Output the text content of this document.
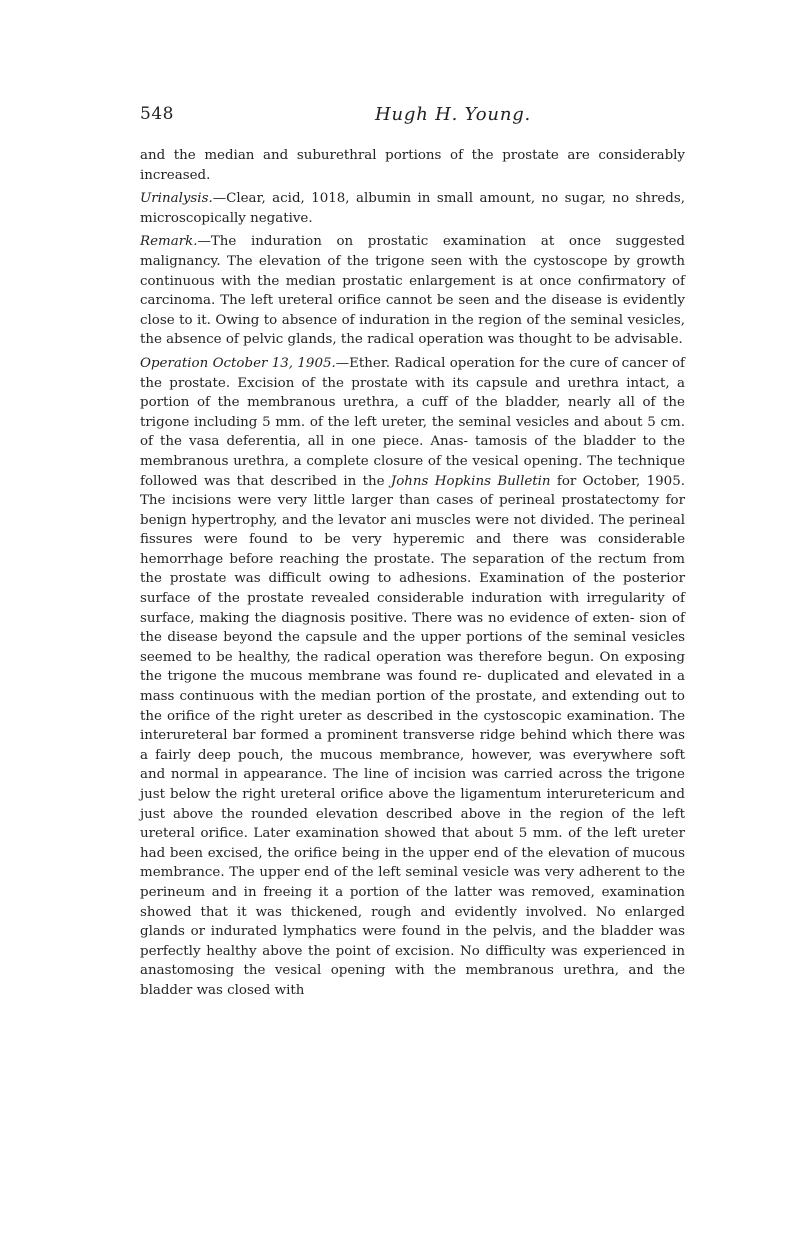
548	Hugh H. Young.

and the median and suburethral portions of the prostate are considerably increased.

Urinalysis.—Clear, acid, 1018, albumin in small amount, no sugar, no shreds, microscopically negative.

Remark.—The induration on prostatic examination at once suggested malignancy. The elevation of the trigone seen with the cystoscope by growth continuous with the median prostatic enlargement is at once confirmatory of carcinoma. The left ureteral orifice cannot be seen and the disease is evidently close to it. Owing to absence of induration in the region of the seminal vesicles, the absence of pelvic glands, the radical operation was thought to be advisable.

Operation October 13, 1905.—Ether. Radical operation for the cure of cancer of the prostate. Excision of the prostate with its capsule and urethra intact, a portion of the membranous urethra, a cuff of the bladder, nearly all of the trigone including 5 mm. of the left ureter, the seminal vesicles and about 5 cm. of the vasa deferentia, all in one piece. Anas- tamosis of the bladder to the membranous urethra, a complete closure of the vesical opening. The technique followed was that described in the Johns Hopkins Bulletin for October, 1905. The incisions were very little larger than cases of perineal prostatectomy for benign hypertrophy, and the levator ani muscles were not divided. The perineal fissures were found to be very hyperemic and there was considerable hemorrhage before reaching the prostate. The separation of the rectum from the prostate was difficult owing to adhesions. Examination of the posterior surface of the prostate revealed considerable induration with irregularity of surface, making the diagnosis positive. There was no evidence of exten- sion of the disease beyond the capsule and the upper portions of the seminal vesicles seemed to be healthy, the radical operation was therefore begun. On exposing the trigone the mucous membrane was found re- duplicated and elevated in a mass continuous with the median portion of the prostate, and extending out to the orifice of the right ureter as described in the cystoscopic examination. The interureteral bar formed a prominent transverse ridge behind which there was a fairly deep pouch, the mucous membrance, however, was everywhere soft and normal in appearance. The line of incision was carried across the trigone just below the right ureteral orifice above the ligamentum interuretericum and just above the rounded elevation described above in the region of the left ureteral orifice. Later examination showed that about 5 mm. of the left ureter had been excised, the orifice being in the upper end of the elevation of mucous membrance. The upper end of the left seminal vesicle was very adherent to the perineum and in freeing it a portion of the latter was removed, examination showed that it was thickened, rough and evidently involved. No enlarged glands or indurated lymphatics were found in the pelvis, and the bladder was perfectly healthy above the point of excision. No difficulty was experienced in anastomosing the vesical opening with the membranous urethra, and the bladder was closed with
